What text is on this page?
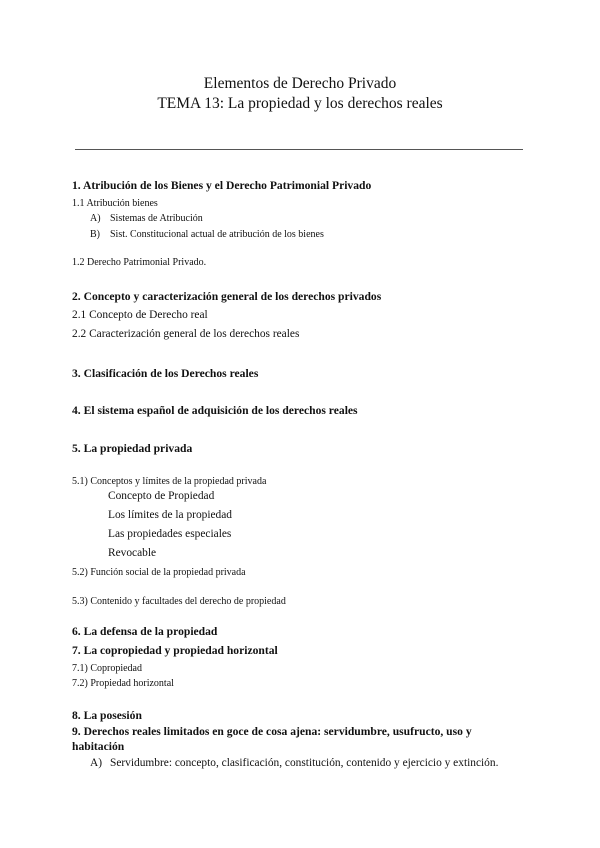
Elementos de Derecho Privado
TEMA 13: La propiedad y los derechos reales
1. Atribución de los Bienes y el Derecho Patrimonial Privado
1.1 Atribución bienes
A) Sistemas de Atribución
B) Sist. Constitucional actual de atribución de los bienes
1.2 Derecho Patrimonial Privado.
2. Concepto y caracterización general de los derechos privados
2.1 Concepto de Derecho real
2.2 Caracterización general de los derechos reales
3. Clasificación de los Derechos reales
4. El sistema español de adquisición de los derechos reales
5. La propiedad privada
5.1) Conceptos y límites de la propiedad privada
Concepto de Propiedad
Los límites de la propiedad
Las propiedades especiales
Revocable
5.2) Función social de la propiedad privada
5.3) Contenido y facultades del derecho de propiedad
6. La defensa de la propiedad
7. La copropiedad y propiedad horizontal
7.1) Copropiedad
7.2) Propiedad horizontal
8. La posesión
9. Derechos reales limitados en goce de cosa ajena: servidumbre, usufructo, uso y
habitación
A) Servidumbre: concepto, clasificación, constitución, contenido y ejercicio y extinción.
